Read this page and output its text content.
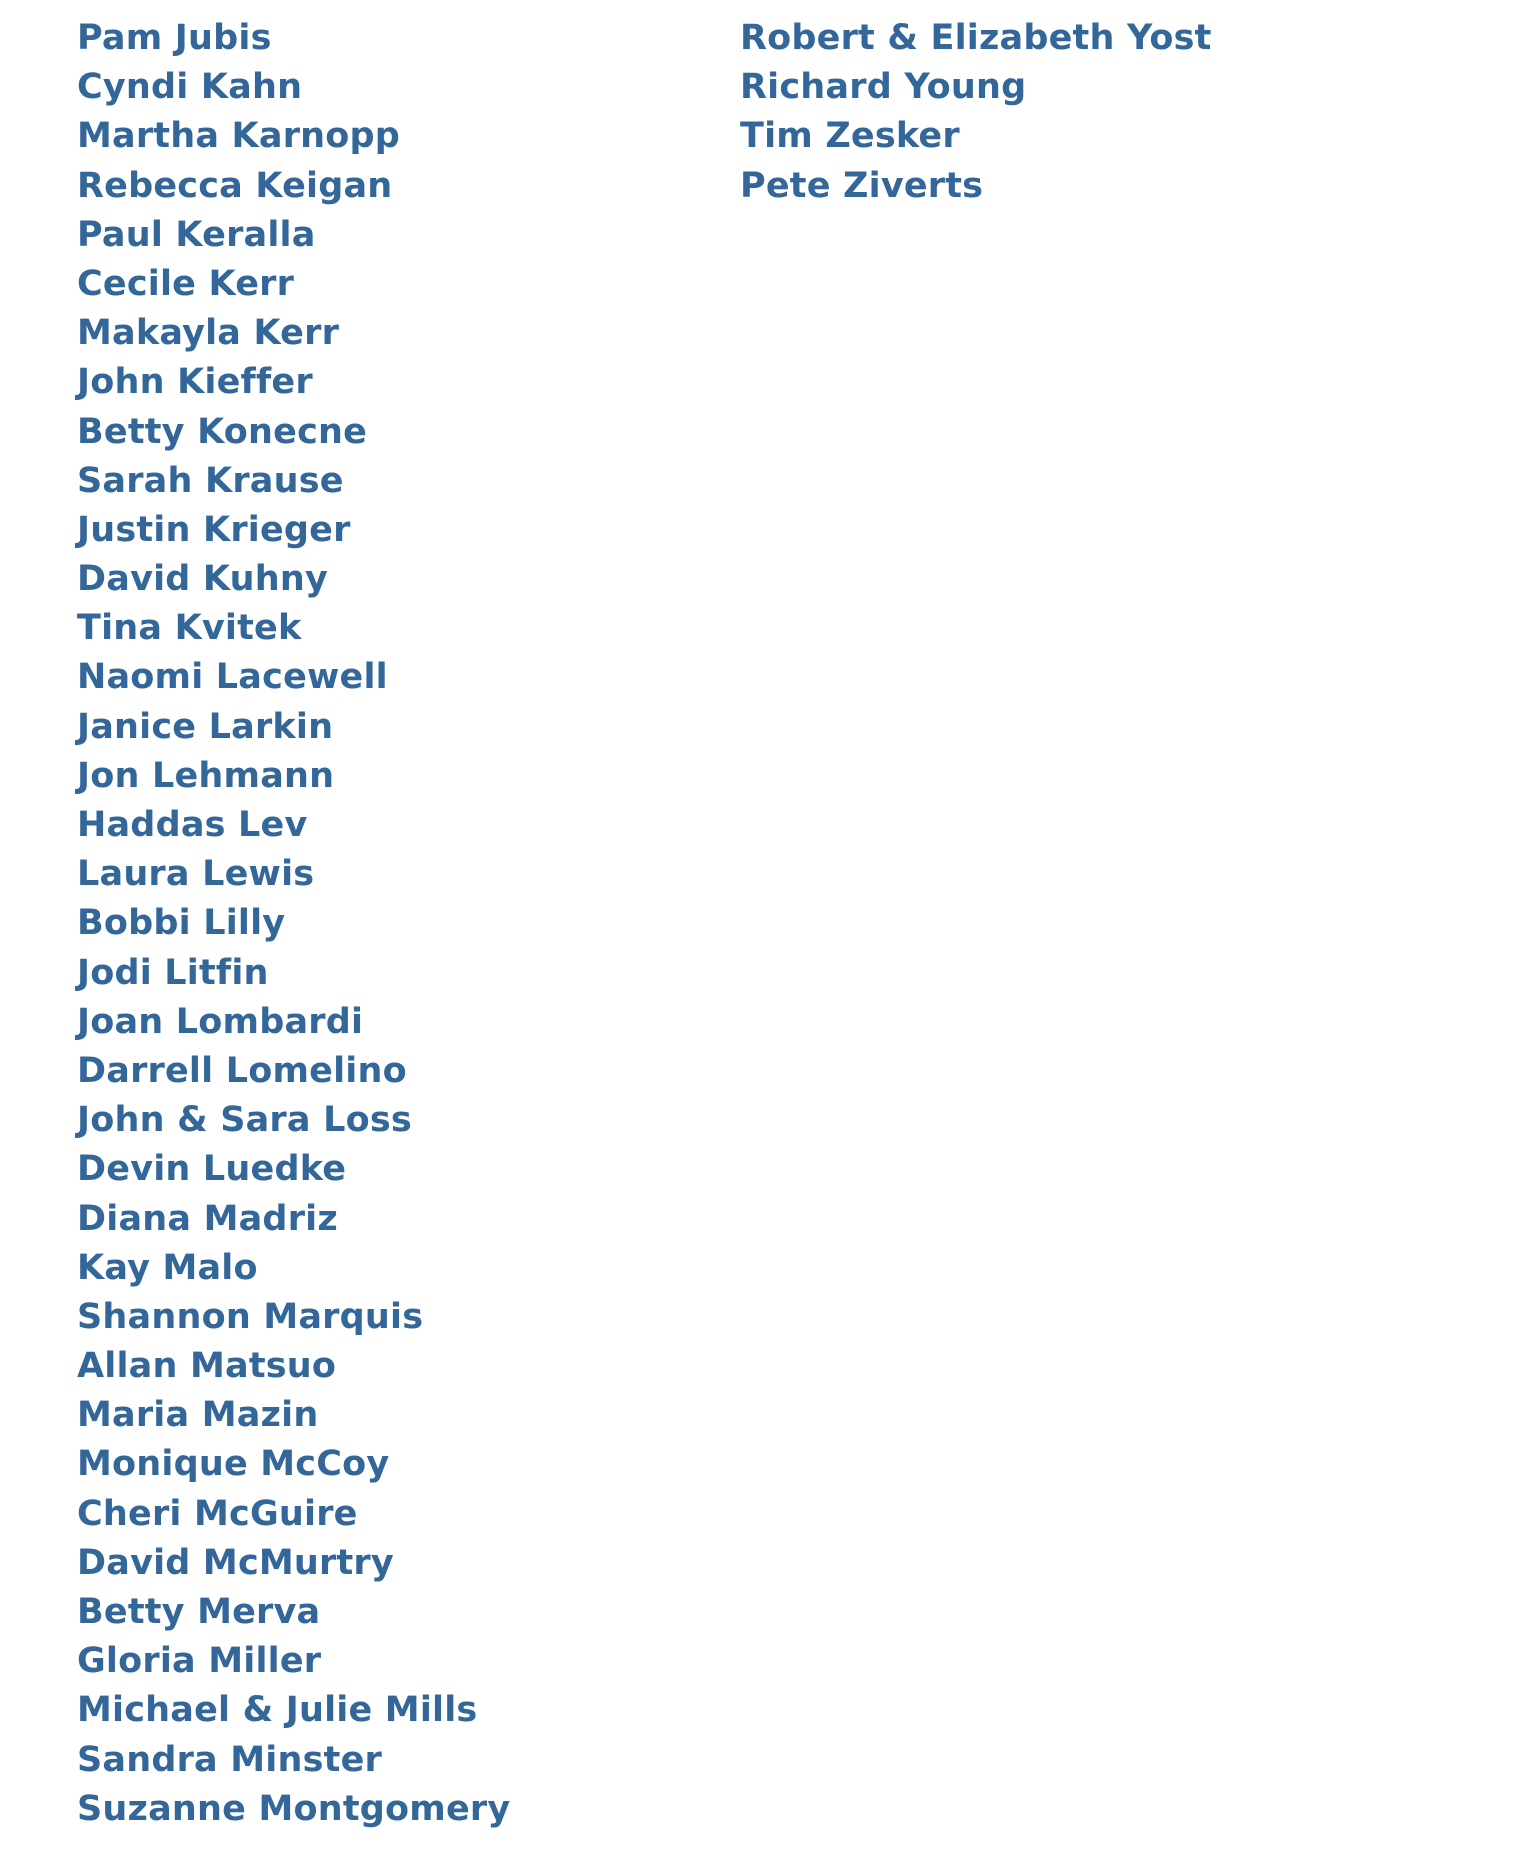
Pam Jubis
Cyndi Kahn
Martha Karnopp
Rebecca Keigan
Paul Keralla
Cecile Kerr
Makayla Kerr
John Kieffer
Betty Konecne
Sarah Krause
Justin Krieger
David Kuhny
Tina Kvitek
Naomi Lacewell
Janice Larkin
Jon Lehmann
Haddas Lev
Laura Lewis
Bobbi Lilly
Jodi Litfin
Joan Lombardi
Darrell Lomelino
John & Sara Loss
Devin Luedke
Diana Madriz
Kay Malo
Shannon Marquis
Allan Matsuo
Maria Mazin
Monique McCoy
Cheri McGuire
David McMurtry
Betty Merva
Gloria Miller
Michael & Julie Mills
Sandra Minster
Suzanne Montgomery
Robert & Elizabeth Yost
Richard Young
Tim Zesker
Pete Ziverts
